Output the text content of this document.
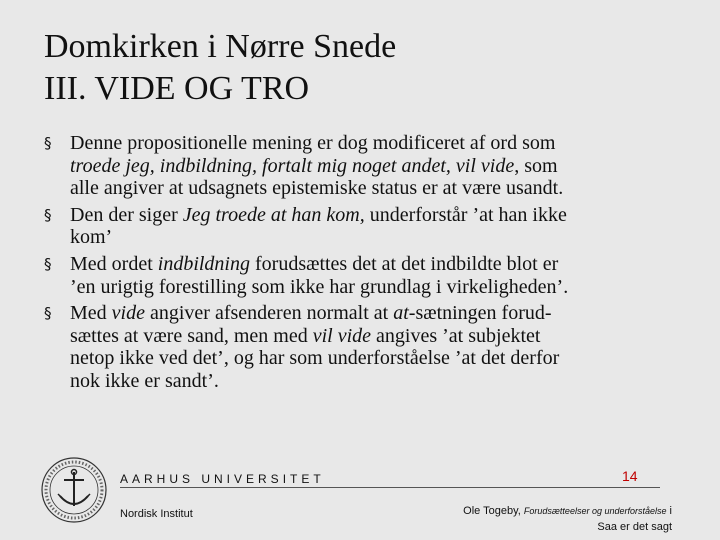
Domkirken i Nørre Snede
III. VIDE OG TRO
§ Denne propositionelle mening er dog modificeret af ord som
troede jeg, indbildning, fortalt mig noget andet, vil vide, som
alle angiver at udsagnets epistemiske status er at være usandt.
§ Den der siger Jeg troede at han kom, underforstår ’at han ikke
kom’
§ Med ordet indbildning forudsættes det at det indbildte blot er
’en urigtig forestilling som ikke har grundlag i virkeligheden’.
§ Med vide angiver afsenderen normalt at at-sætningen forud-
sættes at være sand, men med vil vide angives ’at subjektet
netop ikke ved det’, og har som underforståelse ’at det derfor
nok ikke er sandt’.
AARHUS UNIVERSITET	14
Nordisk Institut	Ole Togeby, Forudsætteelser og underforståelse i
Saa er det sagt
